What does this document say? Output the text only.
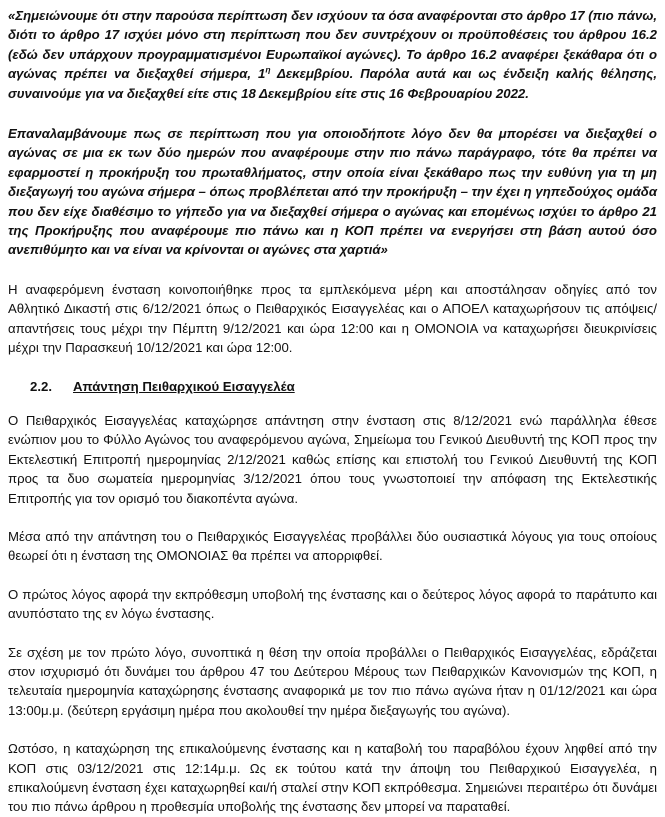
«Σημειώνουμε ότι στην παρούσα περίπτωση δεν ισχύουν τα όσα αναφέρονται στο άρθρο 17 (πιο πάνω, διότι το άρθρο 17 ισχύει μόνο στη περίπτωση που δεν συντρέχουν οι προϋποθέσεις του άρθρου 16.2 (εδώ δεν υπάρχουν προγραμματισμένοι Ευρωπαϊκοί αγώνες). Το άρθρο 16.2 αναφέρει ξεκάθαρα ότι ο αγώνας πρέπει να διεξαχθεί σήμερα, $1^\eta$ Δεκεμβρίου. Παρόλα αυτά και ως ένδειξη καλής θέλησης, συναινούμε για να διεξαχθεί είτε στις 18 Δεκεμβρίου είτε στις 16 Φεβρουαρίου 2022.

Επαναλαμβάνουμε πως σε περίπτωση που για οποιοδήποτε λόγο δεν θα μπορέσει να διεξαχθεί ο αγώνας σε μια εκ των δύο ημερών που αναφέρουμε στην πιο πάνω παράγραφο, τότε θα πρέπει να εφαρμοστεί η προκήρυξη του πρωταθλήματος, στην οποία είναι ξεκάθαρο πως την ευθύνη για τη μη διεξαγωγή του αγώνα σήμερα – όπως προβλέπεται από την προκήρυξη – την έχει η γηπεδούχος ομάδα που δεν είχε διαθέσιμο το γήπεδο για να διεξαχθεί σήμερα ο αγώνας και επομένως ισχύει το άρθρο 21 της Προκήρυξης που αναφέρουμε πιο πάνω και η ΚΟΠ πρέπει να ενεργήσει στη βάση αυτού όσο ανεπιθύμητο και να είναι να κρίνονται οι αγώνες στα χαρτιά»

Η αναφερόμενη ένσταση κοινοποιήθηκε προς τα εμπλεκόμενα μέρη και αποστάλησαν οδηγίες από τον Αθλητικό Δικαστή στις 6/12/2021 όπως ο Πειθαρχικός Εισαγγελέας και ο ΑΠΟΕΛ καταχωρήσουν τις απόψεις/απαντήσεις τους μέχρι την Πέμπτη 9/12/2021 και ώρα 12:00 και η ΟΜΟΝΟΙΑ να καταχωρήσει διευκρινίσεις μέχρι την Παρασκευή 10/12/2021 και ώρα 12:00.

2.2.	Απάντηση Πειθαρχικού Εισαγγελέα

Ο Πειθαρχικός Εισαγγελέας καταχώρησε απάντηση στην ένσταση στις 8/12/2021 ενώ παράλληλα έθεσε ενώπιον μου το Φύλλο Αγώνος του αναφερόμενου αγώνα, Σημείωμα του Γενικού Διευθυντή της ΚΟΠ προς την Εκτελεστική Επιτροπή ημερομηνίας 2/12/2021 καθώς επίσης και επιστολή του Γενικού Διευθυντή της ΚΟΠ προς τα δυο σωματεία ημερομηνίας 3/12/2021 όπου τους γνωστοποιεί την απόφαση της Εκτελεστικής Επιτροπής για τον ορισμό του διακοπέντα αγώνα.

Μέσα από την απάντηση του ο Πειθαρχικός Εισαγγελέας προβάλλει δύο ουσιαστικά λόγους για τους οποίους θεωρεί ότι η ένσταση της ΟΜΟΝΟΙΑΣ θα πρέπει να απορριφθεί.

Ο πρώτος λόγος αφορά την εκπρόθεσμη υποβολή της ένστασης και ο δεύτερος λόγος αφορά το παράτυπο και ανυπόστατο της εν λόγω ένστασης.

Σε σχέση με τον πρώτο λόγο, συνοπτικά η θέση την οποία προβάλλει ο Πειθαρχικός Εισαγγελέας, εδράζεται στον ισχυρισμό ότι δυνάμει του άρθρου 47 του Δεύτερου Μέρους των Πειθαρχικών Κανονισμών της ΚΟΠ, η τελευταία ημερομηνία καταχώρησης ένστασης αναφορικά με τον πιο πάνω αγώνα ήταν η 01/12/2021 και ώρα 13:00μ.μ. (δεύτερη εργάσιμη ημέρα που ακολουθεί την ημέρα διεξαγωγής του αγώνα).

Ωστόσο, η καταχώρηση της επικαλούμενης ένστασης και η καταβολή του παραβόλου έχουν ληφθεί από την ΚΟΠ στις 03/12/2021 στις 12:14μ.μ. Ως εκ τούτου κατά την άποψη του Πειθαρχικού Εισαγγελέα, η επικαλούμενη ένσταση έχει καταχωρηθεί και/ή σταλεί στην ΚΟΠ εκπρόθεσμα. Σημειώνει περαιτέρω ότι δυνάμει του πιο πάνω άρθρου η προθεσμία υποβολής της ένστασης δεν μπορεί να παραταθεί.
